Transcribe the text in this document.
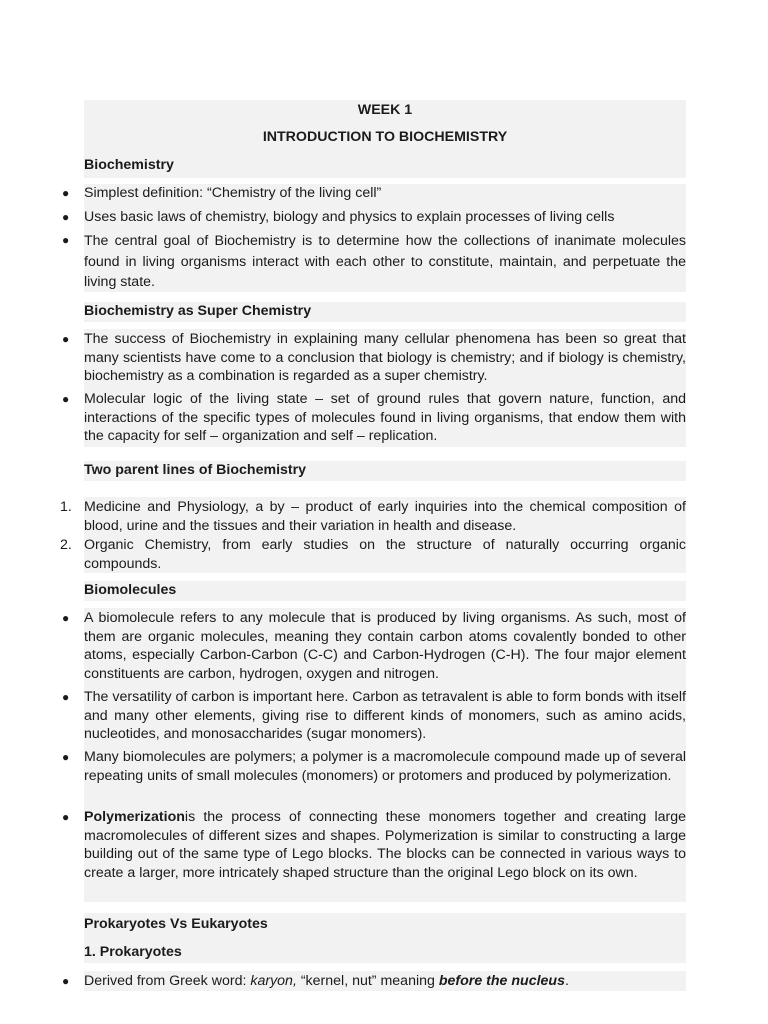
WEEK 1
INTRODUCTION TO BIOCHEMISTRY
Biochemistry
● Simplest definition: “Chemistry of the living cell”
● Uses basic laws of chemistry, biology and physics to explain processes of living cells
● The central goal of Biochemistry is to determine how the collections of inanimate molecules found in living organisms interact with each other to constitute, maintain, and perpetuate the living state.
Biochemistry as Super Chemistry
● The success of Biochemistry in explaining many cellular phenomena has been so great that many scientists have come to a conclusion that biology is chemistry; and if biology is chemistry, biochemistry as a combination is regarded as a super chemistry.
● Molecular logic of the living state – set of ground rules that govern nature, function, and interactions of the specific types of molecules found in living organisms, that endow them with the capacity for self – organization and self – replication.
Two parent lines of Biochemistry
1. Medicine and Physiology, a by – product of early inquiries into the chemical composition of blood, urine and the tissues and their variation in health and disease.
2. Organic Chemistry, from early studies on the structure of naturally occurring organic compounds.
Biomolecules
● A biomolecule refers to any molecule that is produced by living organisms. As such, most of them are organic molecules, meaning they contain carbon atoms covalently bonded to other atoms, especially Carbon-Carbon (C-C) and Carbon-Hydrogen (C-H). The four major element constituents are carbon, hydrogen, oxygen and nitrogen.
● The versatility of carbon is important here. Carbon as tetravalent is able to form bonds with itself and many other elements, giving rise to different kinds of monomers, such as amino acids, nucleotides, and monosaccharides (sugar monomers).
● Many biomolecules are polymers; a polymer is a macromolecule compound made up of several repeating units of small molecules (monomers) or protomers and produced by polymerization.
● Polymerizationis the process of connecting these monomers together and creating large macromolecules of different sizes and shapes. Polymerization is similar to constructing a large building out of the same type of Lego blocks. The blocks can be connected in various ways to create a larger, more intricately shaped structure than the original Lego block on its own.
Prokaryotes Vs Eukaryotes
1. Prokaryotes
● Derived from Greek word: karyon, “kernel, nut” meaning before the nucleus.
